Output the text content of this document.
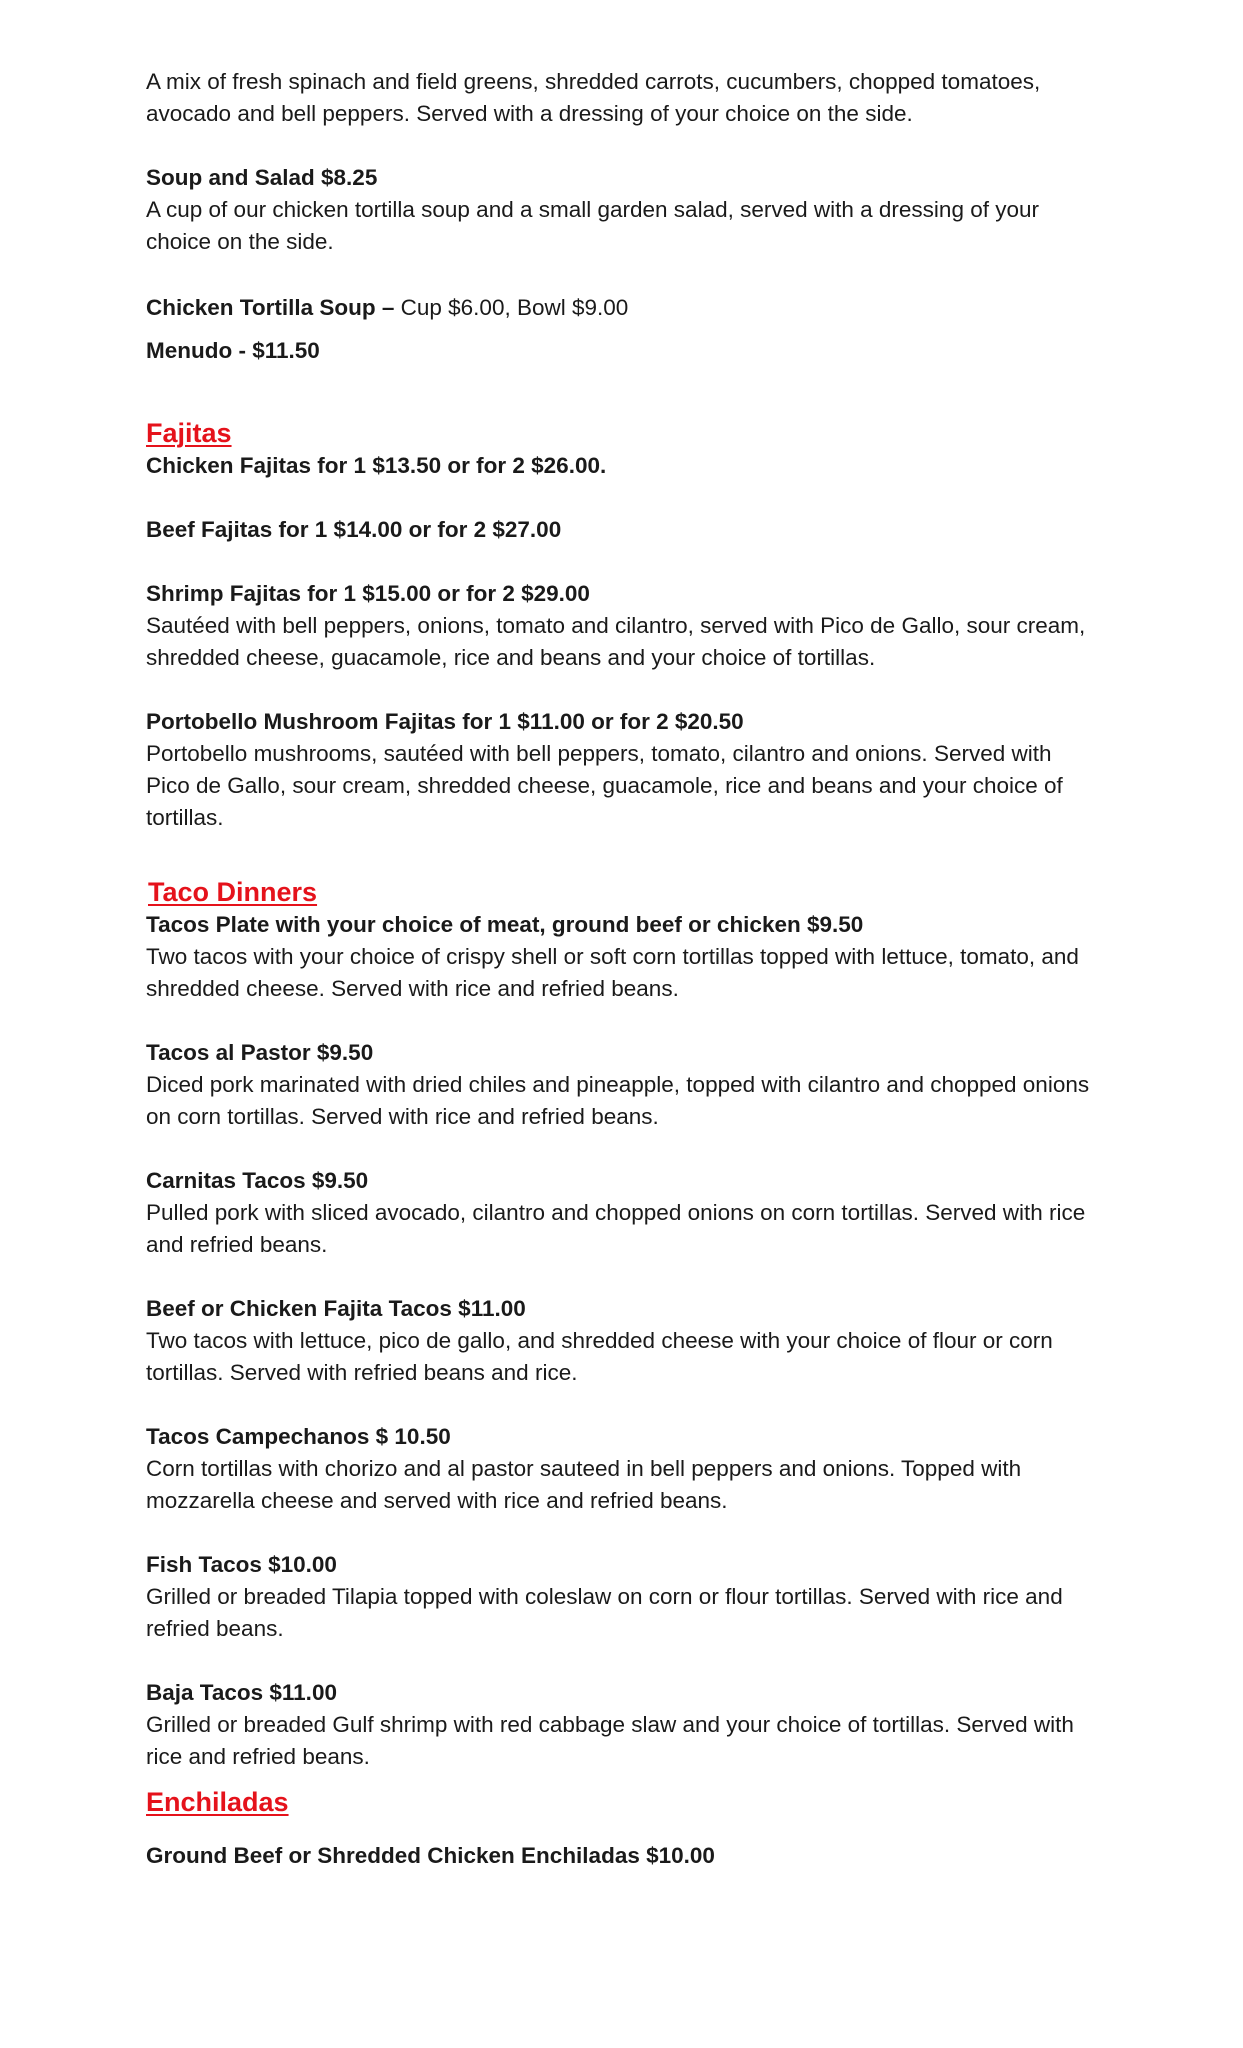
A mix of fresh spinach and field greens, shredded carrots, cucumbers, chopped tomatoes,

avocado and bell peppers. Served with a dressing of your choice on the side.

Soup and Salad $8.25

A cup of our chicken tortilla soup and a small garden salad, served with a dressing of your

choice on the side.

Chicken Tortilla Soup – Cup $6.00, Bowl $9.00

Menudo - $11.50

Fajitas

Chicken Fajitas for 1 $13.50 or for 2 $26.00.

Beef Fajitas for 1 $14.00 or for 2 $27.00

Shrimp Fajitas for 1 $15.00 or for 2 $29.00

Sautéed with bell peppers, onions, tomato and cilantro, served with Pico de Gallo, sour cream,

shredded cheese, guacamole, rice and beans and your choice of tortillas.

Portobello Mushroom Fajitas for 1 $11.00 or for 2 $20.50

Portobello mushrooms, sautéed with bell peppers, tomato, cilantro and onions. Served with

Pico de Gallo, sour cream, shredded cheese, guacamole, rice and beans and your choice of

tortillas.

Taco Dinners

Tacos Plate with your choice of meat, ground beef or chicken $9.50

Two tacos with your choice of crispy shell or soft corn tortillas topped with lettuce, tomato, and

shredded cheese. Served with rice and refried beans.

Tacos al Pastor $9.50

Diced pork marinated with dried chiles and pineapple, topped with cilantro and chopped onions

on corn tortillas. Served with rice and refried beans.

Carnitas Tacos $9.50

Pulled pork with sliced avocado, cilantro and chopped onions on corn tortillas. Served with rice

and refried beans.

Beef or Chicken Fajita Tacos $11.00

Two tacos with lettuce, pico de gallo, and shredded cheese with your choice of flour or corn

tortillas. Served with refried beans and rice.

Tacos Campechanos $ 10.50

Corn tortillas with chorizo and al pastor sauteed in bell peppers and onions. Topped with

mozzarella cheese and served with rice and refried beans.

Fish Tacos $10.00

Grilled or breaded Tilapia topped with coleslaw on corn or flour tortillas. Served with rice and

refried beans.

Baja Tacos $11.00

Grilled or breaded Gulf shrimp with red cabbage slaw and your choice of tortillas. Served with

rice and refried beans.

Enchiladas

Ground Beef or Shredded Chicken Enchiladas $10.00
